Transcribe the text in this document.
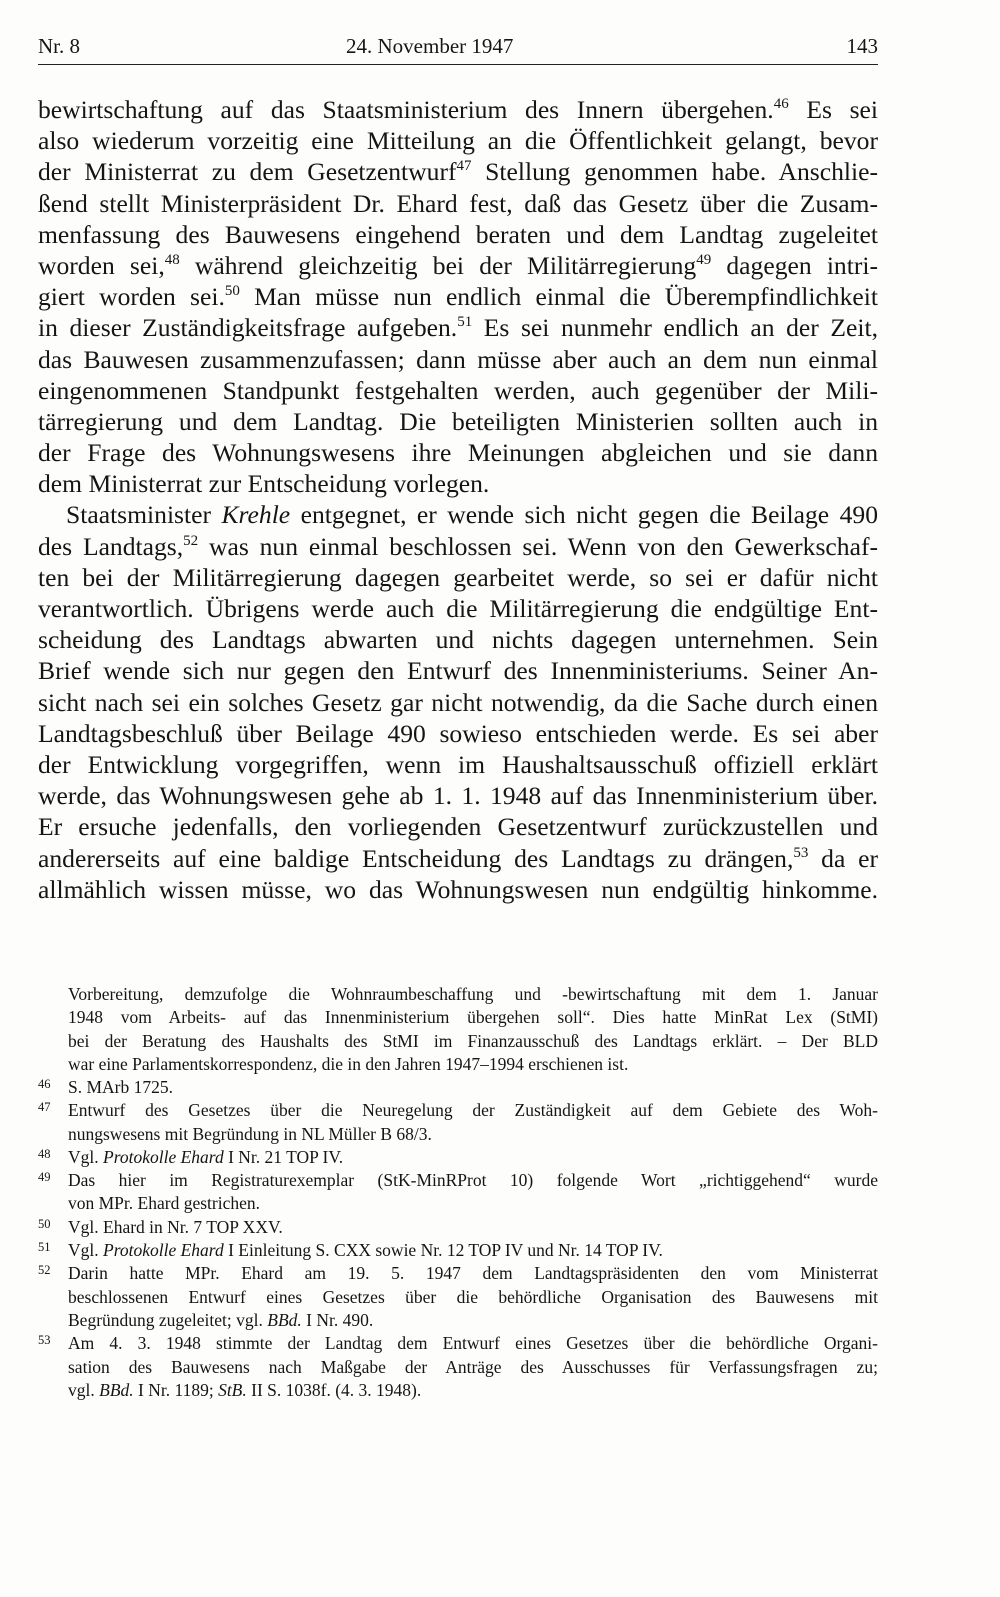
Nr. 8	24. November 1947	143
bewirtschaftung auf das Staatsministerium des Innern übergehen.$^{46}$ Es sei
also wiederum vorzeitig eine Mitteilung an die Öffentlichkeit gelangt, bevor
der Ministerrat zu dem Gesetzentwurf$^{47}$ Stellung genommen habe. Anschlie-
ßend stellt Ministerpräsident Dr. Ehard fest, daß das Gesetz über die Zusam-
menfassung des Bauwesens eingehend beraten und dem Landtag zugeleitet
worden sei,$^{48}$ während gleichzeitig bei der Militärregierung$^{49}$ dagegen intri-
giert worden sei.$^{50}$ Man müsse nun endlich einmal die Überempfindlichkeit
in dieser Zuständigkeitsfrage aufgeben.$^{51}$ Es sei nunmehr endlich an der Zeit,
das Bauwesen zusammenzufassen; dann müsse aber auch an dem nun einmal
eingenommenen Standpunkt festgehalten werden, auch gegenüber der Mili-
tärregierung und dem Landtag. Die beteiligten Ministerien sollten auch in
der Frage des Wohnungswesens ihre Meinungen abgleichen und sie dann
dem Ministerrat zur Entscheidung vorlegen.
Staatsminister Krehle entgegnet, er wende sich nicht gegen die Beilage 490
des Landtags,$^{52}$ was nun einmal beschlossen sei. Wenn von den Gewerkschaf-
ten bei der Militärregierung dagegen gearbeitet werde, so sei er dafür nicht
verantwortlich. Übrigens werde auch die Militärregierung die endgültige Ent-
scheidung des Landtags abwarten und nichts dagegen unternehmen. Sein
Brief wende sich nur gegen den Entwurf des Innenministeriums. Seiner An-
sicht nach sei ein solches Gesetz gar nicht notwendig, da die Sache durch einen
Landtagsbeschluß über Beilage 490 sowieso entschieden werde. Es sei aber
der Entwicklung vorgegriffen, wenn im Haushaltsausschuß offiziell erklärt
werde, das Wohnungswesen gehe ab 1. 1. 1948 auf das Innenministerium über.
Er ersuche jedenfalls, den vorliegenden Gesetzentwurf zurückzustellen und
andererseits auf eine baldige Entscheidung des Landtags zu drängen,$^{53}$ da er
allmählich wissen müsse, wo das Wohnungswesen nun endgültig hinkomme.
Vorbereitung, demzufolge die Wohnraumbeschaffung und -bewirtschaftung mit dem 1. Januar
1948 vom Arbeits- auf das Innenministerium übergehen soll“. Dies hatte MinRat Lex (StMI)
bei der Beratung des Haushalts des StMI im Finanzausschuß des Landtags erklärt. – Der BLD
war eine Parlamentskorrespondenz, die in den Jahren 1947–1994 erschienen ist.
46 S. MArb 1725.
47 Entwurf des Gesetzes über die Neuregelung der Zuständigkeit auf dem Gebiete des Woh-
nungswesens mit Begründung in NL Müller B 68/3.
48 Vgl. Protokolle Ehard I Nr. 21 TOP IV.
49 Das hier im Registraturexemplar (StK-MinRProt 10) folgende Wort „richtiggehend“ wurde
von MPr. Ehard gestrichen.
50 Vgl. Ehard in Nr. 7 TOP XXV.
51 Vgl. Protokolle Ehard I Einleitung S. CXX sowie Nr. 12 TOP IV und Nr. 14 TOP IV.
52 Darin hatte MPr. Ehard am 19. 5. 1947 dem Landtagspräsidenten den vom Ministerrat
beschlossenen Entwurf eines Gesetzes über die behördliche Organisation des Bauwesens mit
Begründung zugeleitet; vgl. BBd. I Nr. 490.
53 Am 4. 3. 1948 stimmte der Landtag dem Entwurf eines Gesetzes über die behördliche Organi-
sation des Bauwesens nach Maßgabe der Anträge des Ausschusses für Verfassungsfragen zu;
vgl. BBd. I Nr. 1189; StB. II S. 1038f. (4. 3. 1948).
